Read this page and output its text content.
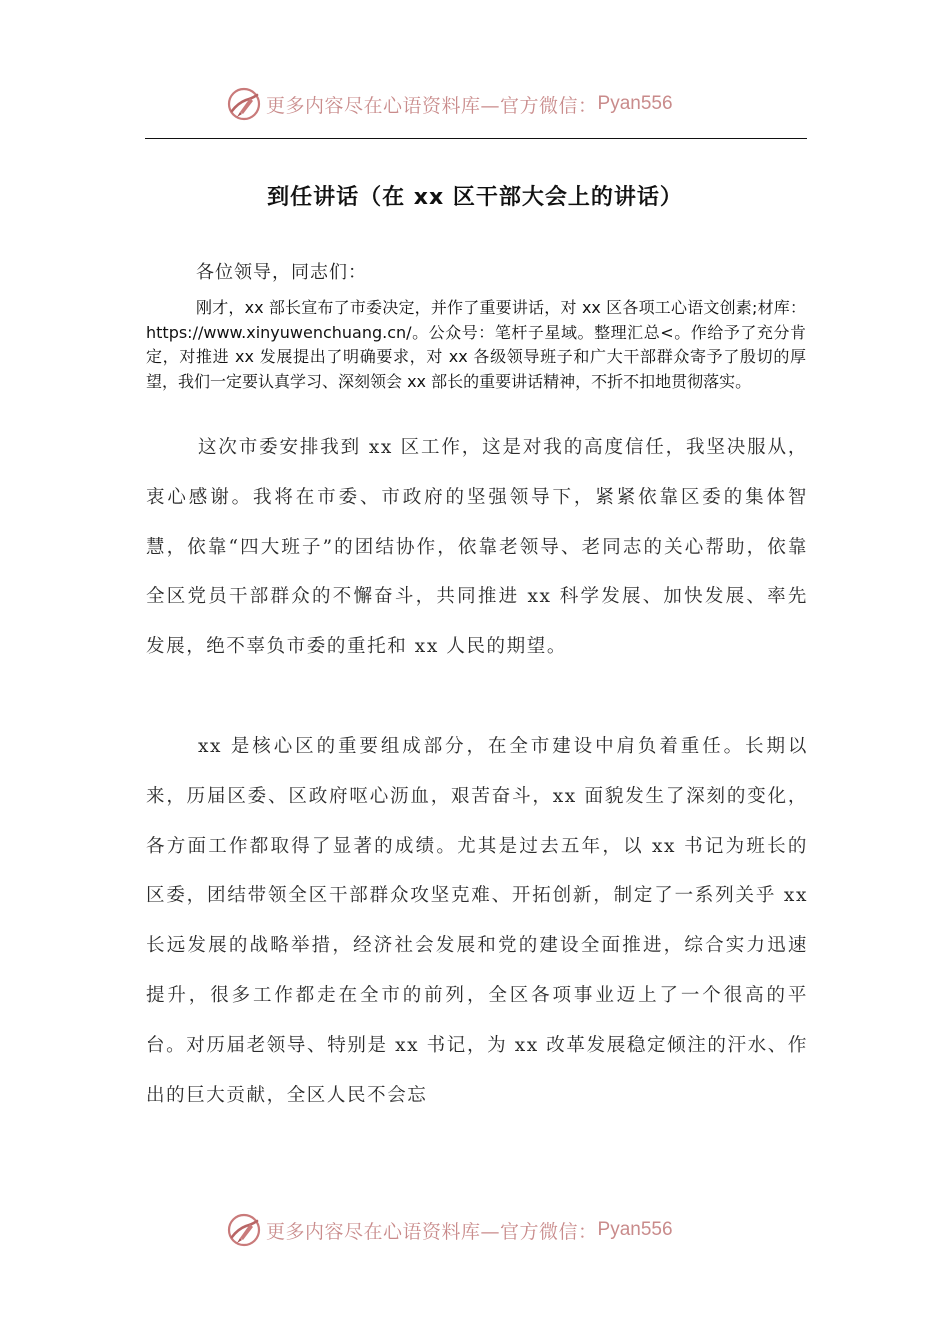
更多内容尽在心语资料库—官方微信： Pyan556
到任讲话（在 xx 区干部大会上的讲话）
各位领导，同志们：
刚才，xx 部长宣布了市委决定，并作了重要讲话，对 xx 区各项工心语文创素;材库：https://www.xinyuwenchuang.cn/。公众号：笔杆子星域。整理汇总<。作给予了充分肯定，对推进 xx 发展提出了明确要求，对 xx 各级领导班子和广大干部群众寄予了殷切的厚望，我们一定要认真学习、深刻领会 xx 部长的重要讲话精神，不折不扣地贯彻落实。
这次市委安排我到 xx 区工作，这是对我的高度信任，我坚决服从，衷心感谢。我将在市委、市政府的坚强领导下，紧紧依靠区委的集体智慧，依靠“四大班子”的团结协作，依靠老领导、老同志的关心帮助，依靠全区党员干部群众的不懈奋斗，共同推进 xx 科学发展、加快发展、率先发展，绝不辜负市委的重托和 xx 人民的期望。
xx 是核心区的重要组成部分，在全市建设中肩负着重任。长期以来，历届区委、区政府呕心沥血，艰苦奋斗，xx 面貌发生了深刻的变化，各方面工作都取得了显著的成绩。尤其是过去五年，以 xx 书记为班长的区委，团结带领全区干部群众攻坚克难、开拓创新，制定了一系列关乎 xx 长远发展的战略举措，经济社会发展和党的建设全面推进，综合实力迅速提升，很多工作都走在全市的前列，全区各项事业迈上了一个很高的平台。对历届老领导、特别是 xx 书记，为 xx 改革发展稳定倾注的汗水、作出的巨大贡献，全区人民不会忘
更多内容尽在心语资料库—官方微信： Pyan556
